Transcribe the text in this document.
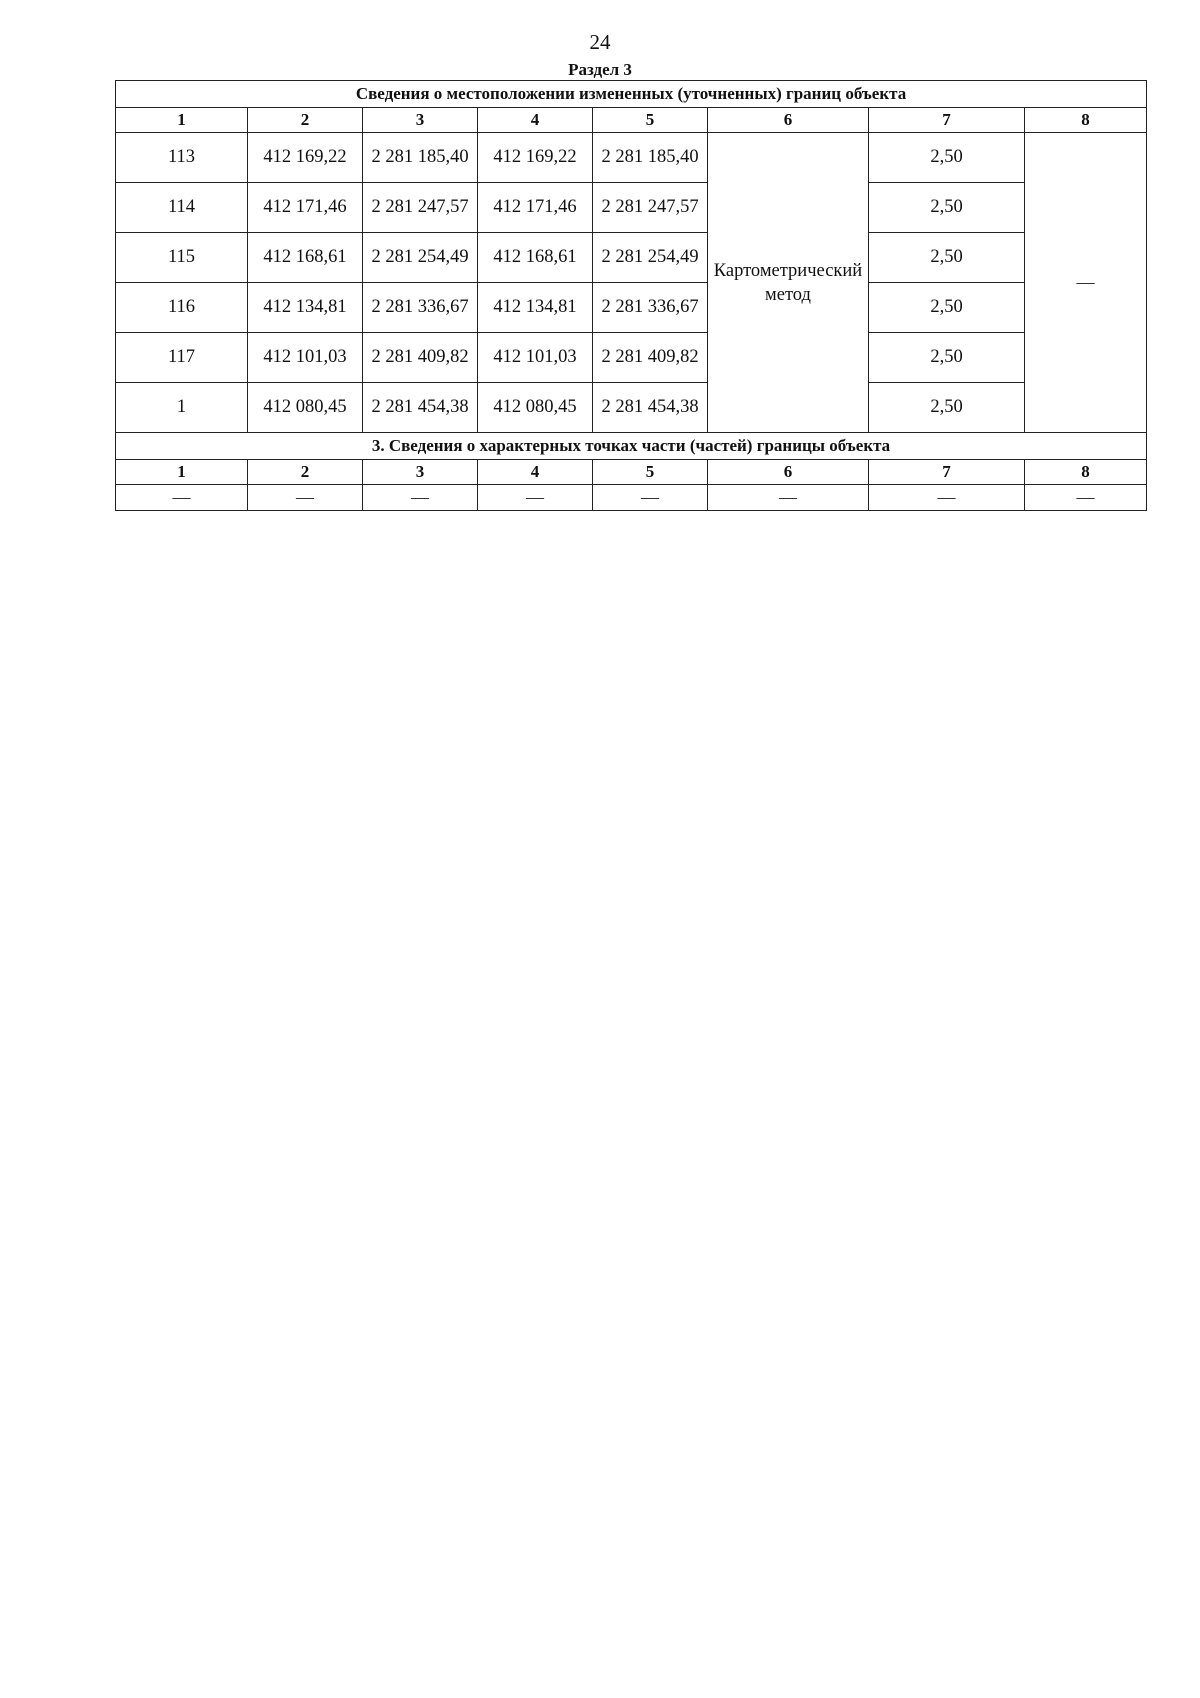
24
Раздел 3
Сведения о местоположении измененных (уточненных) границ объекта							
1	2	3	4	5	6	7	8
113	412 169,22	2 281 185,40	412 169,22	2 281 185,40	Картометрический метод	2,50	—
114	412 171,46	2 281 247,57	412 171,46	2 281 247,57		2,50	
115	412 168,61	2 281 254,49	412 168,61	2 281 254,49		2,50	
116	412 134,81	2 281 336,67	412 134,81	2 281 336,67		2,50	
117	412 101,03	2 281 409,82	412 101,03	2 281 409,82		2,50	
1	412 080,45	2 281 454,38	412 080,45	2 281 454,38		2,50	
3. Сведения о характерных точках части (частей) границы объекта							
1	2	3	4	5	6	7	8
—	—	—	—	—	—	—	—
